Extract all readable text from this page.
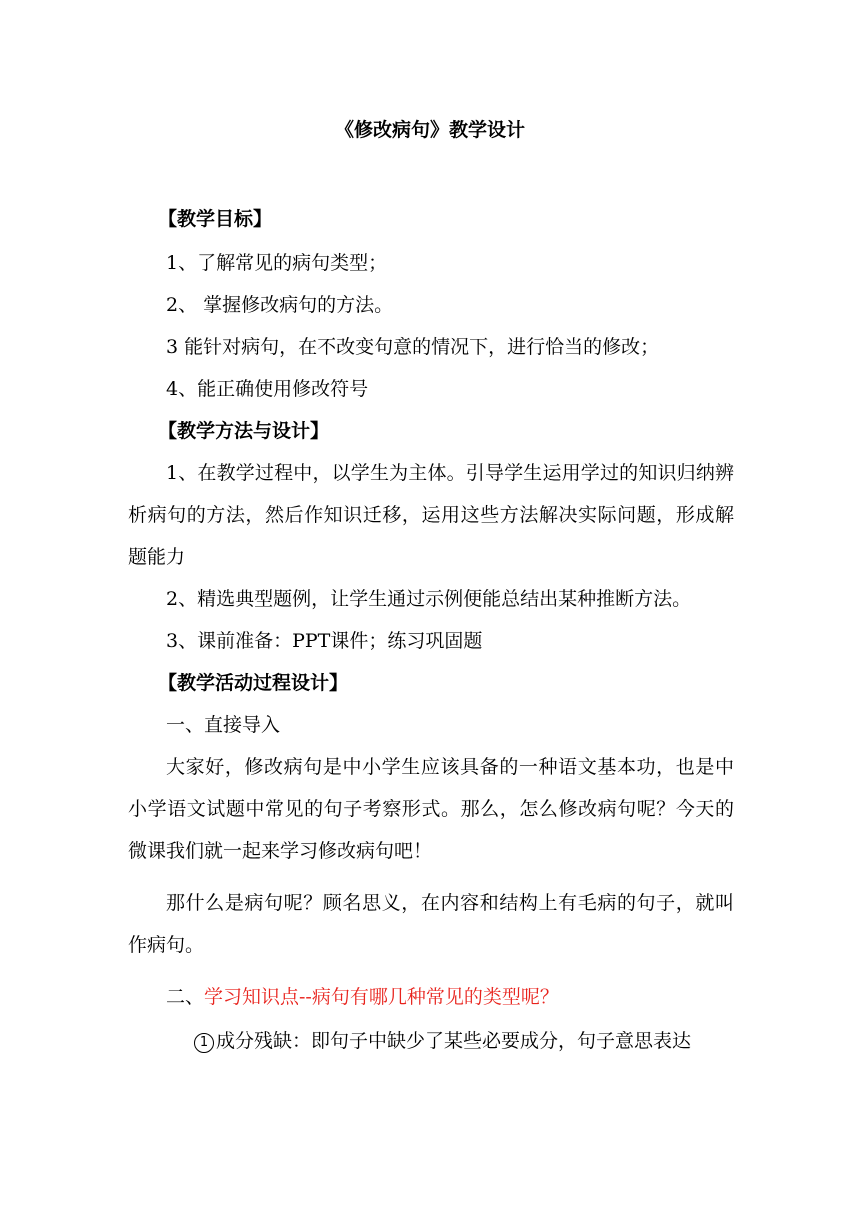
《修改病句》教学设计

【教学目标】

1、了解常见的病句类型；

2、 掌握修改病句的方法。

3 能针对病句，在不改变句意的情况下，进行恰当的修改；

4、能正确使用修改符号

【教学方法与设计】

1、在教学过程中，以学生为主体。引导学生运用学过的知识归纳辨析病句的方法，然后作知识迁移，运用这些方法解决实际问题，形成解题能力

2、精选典型题例，让学生通过示例便能总结出某种推断方法。

3、课前准备：PPT课件；练习巩固题

【教学活动过程设计】

一、直接导入

大家好，修改病句是中小学生应该具备的一种语文基本功，也是中小学语文试题中常见的句子考察形式。那么，怎么修改病句呢？今天的微课我们就一起来学习修改病句吧！

那什么是病句呢？顾名思义，在内容和结构上有毛病的句子，就叫作病句。

二、学习知识点--病句有哪几种常见的类型呢？

1 成分残缺：即句子中缺少了某些必要成分，句子意思表达
